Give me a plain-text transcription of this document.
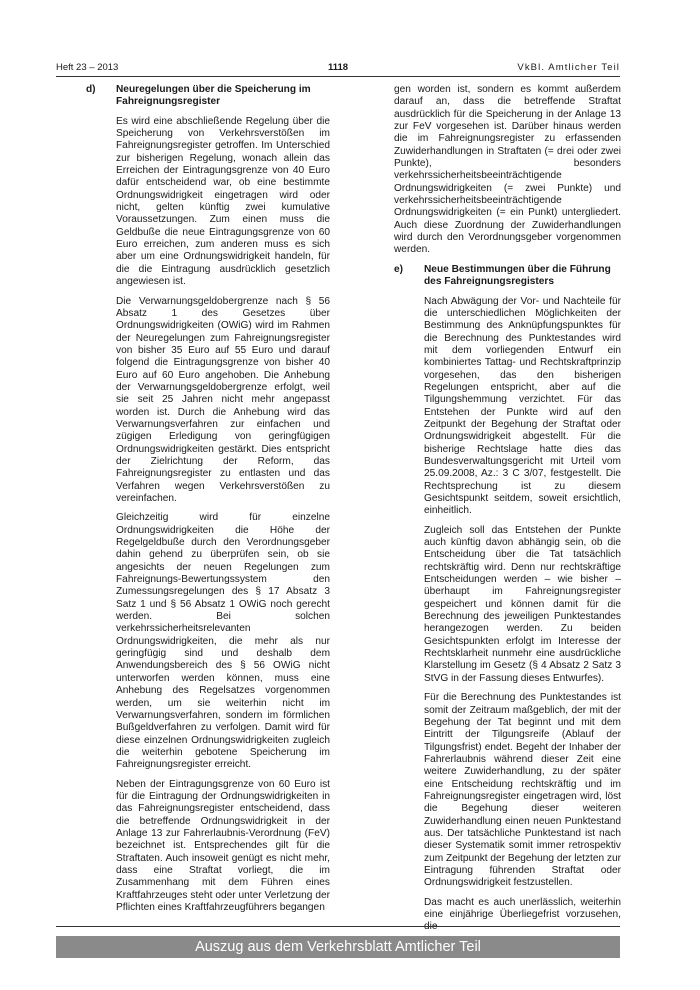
Heft 23 – 2013	1118	VkBl. Amtlicher Teil
d) Neuregelungen über die Speicherung im Fahreignungsregister

Es wird eine abschließende Regelung über die Speicherung von Verkehrsverstößen im Fahreignungsregister getroffen. Im Unterschied zur bisherigen Regelung, wonach allein das Erreichen der Eintragungsgrenze von 40 Euro dafür entscheidend war, ob eine bestimmte Ordnungswidrigkeit eingetragen wird oder nicht, gelten künftig zwei kumulative Voraussetzungen. Zum einen muss die Geldbuße die neue Eintragungsgrenze von 60 Euro erreichen, zum anderen muss es sich aber um eine Ordnungswidrigkeit handeln, für die die Eintragung ausdrücklich gesetzlich angewiesen ist.

Die Verwarnungsgeldobergrenze nach § 56 Absatz 1 des Gesetzes über Ordnungswidrigkeiten (OWiG) wird im Rahmen der Neuregelungen zum Fahreignungsregister von bisher 35 Euro auf 55 Euro und darauf folgend die Eintragungsgrenze von bisher 40 Euro auf 60 Euro angehoben. Die Anhebung der Verwarnungsgeldobergrenze erfolgt, weil sie seit 25 Jahren nicht mehr angepasst worden ist. Durch die Anhebung wird das Verwarnungsverfahren zur einfachen und zügigen Erledigung von geringfügigen Ordnungswidrigkeiten gestärkt. Dies entspricht der Zielrichtung der Reform, das Fahreignungsregister zu entlasten und das Verfahren wegen Verkehrsverstößen zu vereinfachen.

Gleichzeitig wird für einzelne Ordnungswidrigkeiten die Höhe der Regelgeldbuße durch den Verordnungsgeber dahin gehend zu überprüfen sein, ob sie angesichts der neuen Regelungen zum Fahreignungs-Bewertungssystem den Zumessungsregelungen des § 17 Absatz 3 Satz 1 und § 56 Absatz 1 OWiG noch gerecht werden. Bei solchen verkehrssicherheitsrelevanten Ordnungswidrigkeiten, die mehr als nur geringfügig sind und deshalb dem Anwendungsbereich des § 56 OWiG nicht unterworfen werden können, muss eine Anhebung des Regelsatzes vorgenommen werden, um sie weiterhin nicht im Verwarnungsverfahren, sondern im förmlichen Bußgeldverfahren zu verfolgen. Damit wird für diese einzelnen Ordnungswidrigkeiten zugleich die weiterhin gebotene Speicherung im Fahreignungsregister erreicht.

Neben der Eintragungsgrenze von 60 Euro ist für die Eintragung der Ordnungswidrigkeiten in das Fahreignungsregister entscheidend, dass die betreffende Ordnungswidrigkeit in der Anlage 13 zur Fahrerlaubnis-Verordnung (FeV) bezeichnet ist. Entsprechendes gilt für die Straftaten. Auch insoweit genügt es nicht mehr, dass eine Straftat vorliegt, die im Zusammenhang mit dem Führen eines Kraftfahrzeuges steht oder unter Verletzung der Pflichten eines Kraftfahrzeugführers begangen

gen worden ist, sondern es kommt außerdem darauf an, dass die betreffende Straftat ausdrücklich für die Speicherung in der Anlage 13 zur FeV vorgesehen ist. Darüber hinaus werden die im Fahreignungsregister zu erfassenden Zuwiderhandlungen in Straftaten (= drei oder zwei Punkte), besonders verkehrssicherheitsbeeinträchtigende Ordnungswidrigkeiten (= zwei Punkte) und verkehrssicherheitsbeeinträchtigende Ordnungswidrigkeiten (= ein Punkt) untergliedert. Auch diese Zuordnung der Zuwiderhandlungen wird durch den Verordnungsgeber vorgenommen werden.

e) Neue Bestimmungen über die Führung des Fahreignungsregisters

Nach Abwägung der Vor- und Nachteile für die unterschiedlichen Möglichkeiten der Bestimmung des Anknüpfungspunktes für die Berechnung des Punktestandes wird mit dem vorliegenden Entwurf ein kombiniertes Tattag- und Rechtskraftprinzip vorgesehen, das den bisherigen Regelungen entspricht, aber auf die Tilgungshemmung verzichtet. Für das Entstehen der Punkte wird auf den Zeitpunkt der Begehung der Straftat oder Ordnungswidrigkeit abgestellt. Für die bisherige Rechtslage hatte dies das Bundesverwaltungsgericht mit Urteil vom 25.09.2008, Az.: 3 C 3/07, festgestellt. Die Rechtsprechung ist zu diesem Gesichtspunkt seitdem, soweit ersichtlich, einheitlich.

Zugleich soll das Entstehen der Punkte auch künftig davon abhängig sein, ob die Entscheidung über die Tat tatsächlich rechtskräftig wird. Denn nur rechtskräftige Entscheidungen werden – wie bisher – überhaupt im Fahreignungsregister gespeichert und können damit für die Berechnung des jeweiligen Punktestandes herangezogen werden. Zu beiden Gesichtspunkten erfolgt im Interesse der Rechtsklarheit nunmehr eine ausdrückliche Klarstellung im Gesetz (§ 4 Absatz 2 Satz 3 StVG in der Fassung dieses Entwurfes).

Für die Berechnung des Punktestandes ist somit der Zeitraum maßgeblich, der mit der Begehung der Tat beginnt und mit dem Eintritt der Tilgungsreife (Ablauf der Tilgungsfrist) endet. Begeht der Inhaber der Fahrerlaubnis während dieser Zeit eine weitere Zuwiderhandlung, zu der später eine Entscheidung rechtskräftig und im Fahreignungsregister eingetragen wird, löst die Begehung dieser weiteren Zuwiderhandlung einen neuen Punktestand aus. Der tatsächliche Punktestand ist nach dieser Systematik somit immer retrospektiv zum Zeitpunkt der Begehung der letzten zur Eintragung führenden Straftat oder Ordnungswidrigkeit festzustellen.

Das macht es auch unerlässlich, weiterhin eine einjährige Überliegefrist vorzusehen, die

Auszug aus dem Verkehrsblatt Amtlicher Teil
